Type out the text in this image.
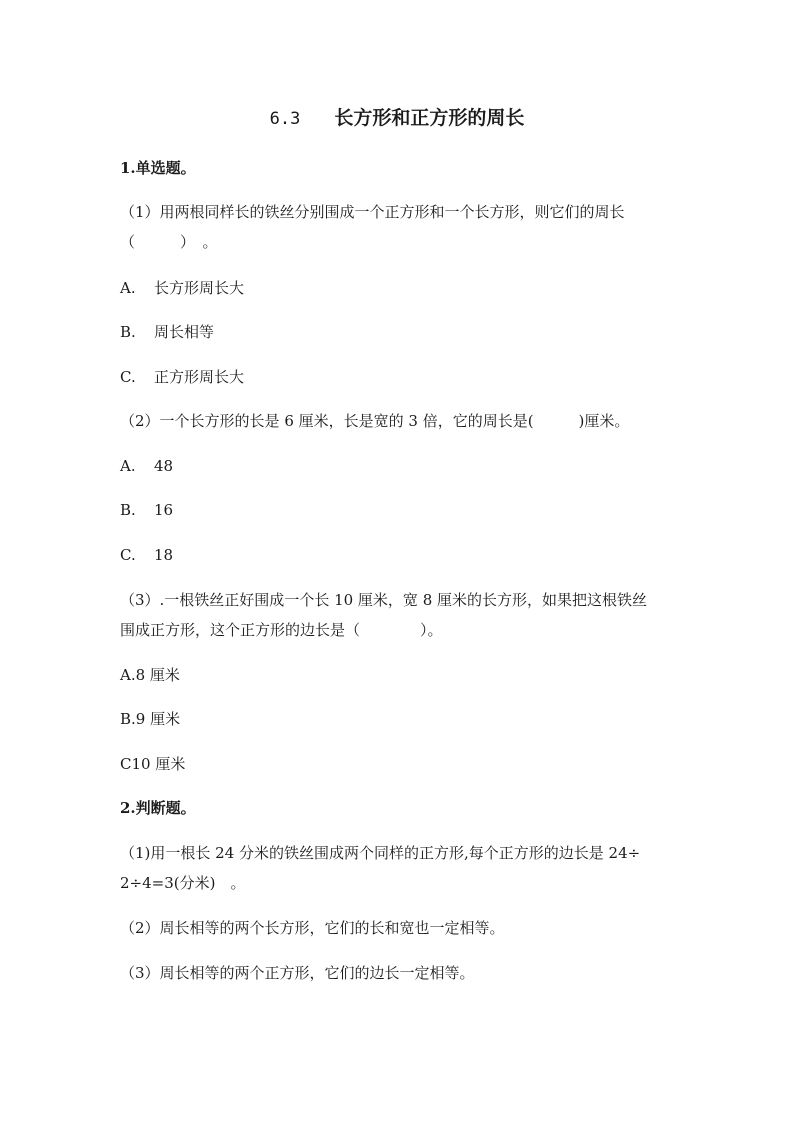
6.3 长方形和正方形的周长
1.单选题。
（1）用两根同样长的铁丝分别围成一个正方形和一个长方形，则它们的周长
（　　　）　。
A. 长方形周长大
B. 周长相等
C. 正方形周长大
（2）一个长方形的长是 6 厘米，长是宽的 3 倍，它的周长是(　　　)厘米。
A. 48
B. 16
C. 18
（3）.一根铁丝正好围成一个长 10 厘米，宽 8 厘米的长方形，如果把这根铁丝
围成正方形，这个正方形的边长是（　　　　）。
A.8 厘米
B.9 厘米
C10 厘米
2.判断题。
（1)用一根长 24 分米的铁丝围成两个同样的正方形,每个正方形的边长是 24÷
2÷4=3(分米)　。
（2）周长相等的两个长方形，它们的长和宽也一定相等。
（3）周长相等的两个正方形，它们的边长一定相等。
